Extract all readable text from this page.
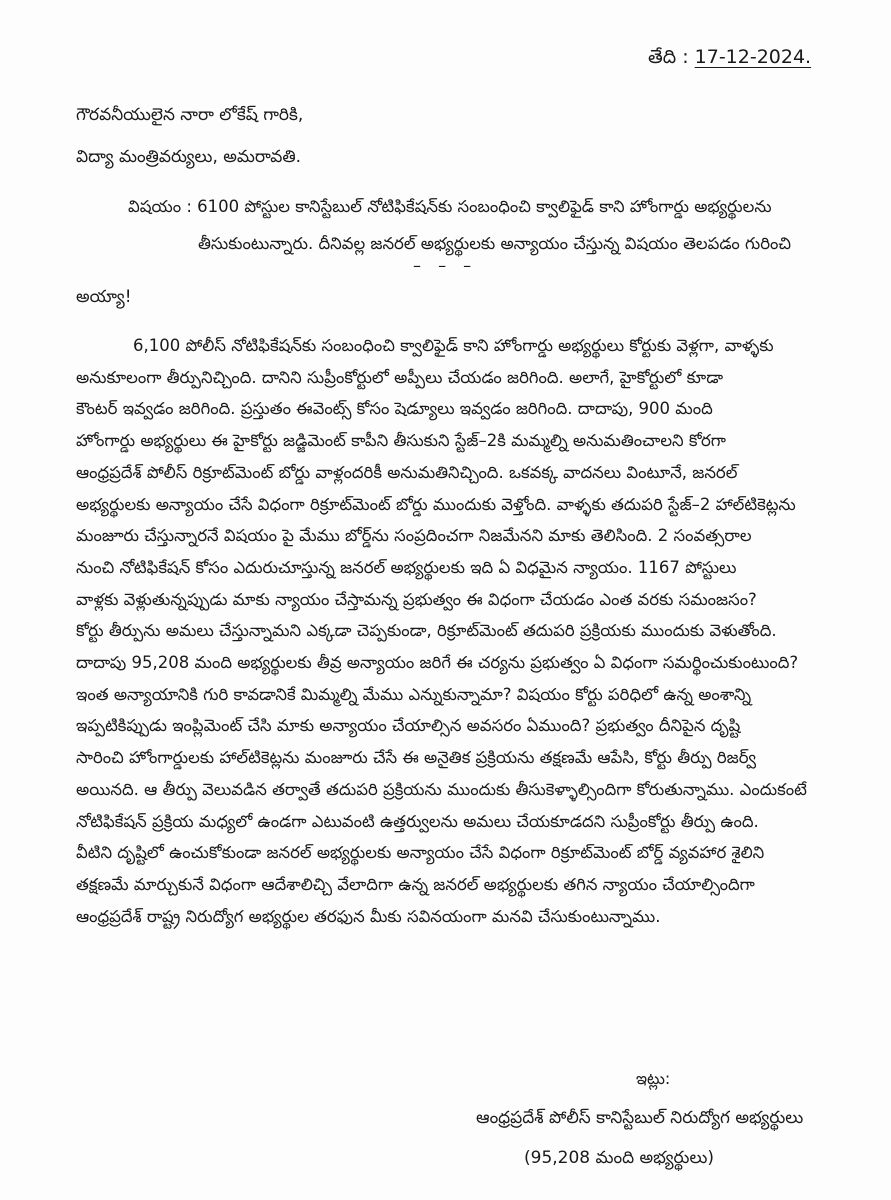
తేది : 17-12-2024.
గౌరవనీయులైన నారా లోకేష్ గారికి,
విద్యా మంత్రివర్యులు, అమరావతి.
విషయం : 6100 పోస్టుల కానిస్టేబుల్ నోటిఫికేషన్‌కు సంబంధించి క్వాలిఫైడ్ కాని హోంగార్డు అభ్యర్థులను
తీసుకుంటున్నారు. దీనివల్ల జనరల్ అభ్యర్థులకు అన్యాయం చేస్తున్న విషయం తెలపడం గురించి
– – –
అయ్యా!
6,100 పోలీస్ నోటిఫికేషన్‌కు సంబంధించి క్వాలిఫైడ్ కాని హోంగార్డు అభ్యర్థులు కోర్టుకు వెళ్లగా, వాళ్ళకు
అనుకూలంగా తీర్పునిచ్చింది. దానిని సుప్రీంకోర్టులో అప్పీలు చేయడం జరిగింది. అలాగే, హైకోర్టులో కూడా
కౌంటర్ ఇవ్వడం జరిగింది. ప్రస్తుతం ఈవెంట్స్ కోసం షెడ్యూలు ఇవ్వడం జరిగింది. దాదాపు, 900 మంది
హోంగార్డు అభ్యర్థులు ఈ హైకోర్టు జడ్జిమెంట్ కాపీని తీసుకుని స్టేజ్–2కి మమ్మల్ని అనుమతించాలని కోరగా
ఆంధ్రప్రదేశ్ పోలీస్ రిక్రూట్‌మెంట్ బోర్డు వాళ్లందరికీ అనుమతినిచ్చింది. ఒకవక్క వాదనలు వింటూనే, జనరల్
అభ్యర్థులకు అన్యాయం చేసే విధంగా రిక్రూట్‌మెంట్ బోర్డు ముందుకు వెళ్తోంది. వాళ్ళకు తదుపరి స్టేజ్–2 హాల్‌టికెట్లను
మంజూరు చేస్తున్నారనే విషయం పై మేము బోర్డ్‌ను సంప్రదించగా నిజమేనని మాకు తెలిసింది. 2 సంవత్సరాల
నుంచి నోటిఫికేషన్ కోసం ఎదురుచూస్తున్న జనరల్ అభ్యర్థులకు ఇది ఏ విధమైన న్యాయం. 1167 పోస్టులు
వాళ్లకు వెళ్లుతున్నప్పుడు మాకు న్యాయం చేస్తామన్న ప్రభుత్వం ఈ విధంగా చేయడం ఎంత వరకు సమంజసం?
కోర్టు తీర్పును అమలు చేస్తున్నామని ఎక్కడా చెప్పకుండా, రిక్రూట్‌మెంట్ తదుపరి ప్రక్రియకు ముందుకు వెళుతోంది.
దాదాపు 95,208 మంది అభ్యర్థులకు తీవ్ర అన్యాయం జరిగే ఈ చర్యను ప్రభుత్వం ఏ విధంగా సమర్థించుకుంటుంది?
ఇంత అన్యాయానికి గురి కావడానికే మిమ్మల్ని మేము ఎన్నుకున్నామా? విషయం కోర్టు పరిధిలో ఉన్న అంశాన్ని
ఇప్పటికిప్పుడు ఇంప్లిమెంట్ చేసి మాకు అన్యాయం చేయాల్సిన అవసరం ఏముంది? ప్రభుత్వం దీనిపైన దృష్టి
సారించి హోంగార్డులకు హాల్‌టికెట్లను మంజూరు చేసే ఈ అనైతిక ప్రక్రియను తక్షణమే ఆపేసి, కోర్టు తీర్పు రిజర్వ్
అయినది. ఆ తీర్పు వెలువడిన తర్వాతే తదుపరి ప్రక్రియను ముందుకు తీసుకెళ్ళాల్సిందిగా కోరుతున్నాము. ఎందుకంటే
నోటిఫికేషన్ ప్రక్రియ మధ్యలో ఉండగా ఎటువంటి ఉత్తర్వులను అమలు చేయకూడదని సుప్రీంకోర్టు తీర్పు ఉంది.
వీటిని దృష్టిలో ఉంచుకోకుండా జనరల్ అభ్యర్థులకు అన్యాయం చేసే విధంగా రిక్రూట్‌మెంట్ బోర్డ్ వ్యవహార శైలిని
తక్షణమే మార్చుకునే విధంగా ఆదేశాలిచ్చి వేలాదిగా ఉన్న జనరల్ అభ్యర్థులకు తగిన న్యాయం చేయాల్సిందిగా
ఆంధ్రప్రదేశ్ రాష్ట్ర నిరుద్యోగ అభ్యర్థుల తరఫున మీకు సవినయంగా మనవి చేసుకుంటున్నాము.
ఇట్లు:
ఆంధ్రప్రదేశ్ పోలీస్ కానిస్టేబుల్ నిరుద్యోగ అభ్యర్థులు
(95,208 మంది అభ్యర్థులు)
